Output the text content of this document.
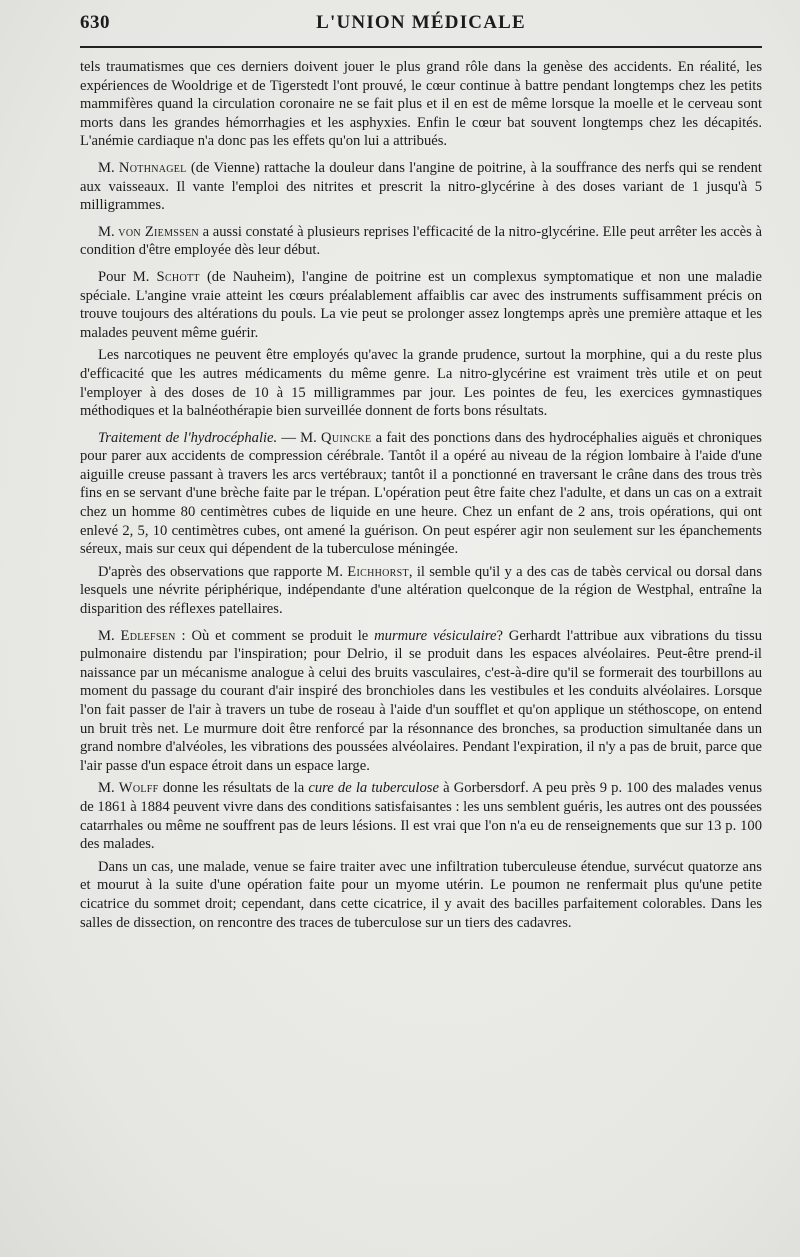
630	L'UNION MÉDICALE

tels traumatismes que ces derniers doivent jouer le plus grand rôle dans la genèse des accidents. En réalité, les expériences de Wooldrige et de Tigerstedt l'ont prouvé, le cœur continue à battre pendant longtemps chez les petits mammifères quand la circulation coronaire ne se fait plus et il en est de même lorsque la moelle et le cerveau sont morts dans les grandes hémorrhagies et les asphyxies. Enfin le cœur bat souvent longtemps chez les décapités. L'anémie cardiaque n'a donc pas les effets qu'on lui a attribués.

M. Nothnagel (de Vienne) rattache la douleur dans l'angine de poitrine, à la souffrance des nerfs qui se rendent aux vaisseaux. Il vante l'emploi des nitrites et prescrit la nitro-glycérine à des doses variant de 1 jusqu'à 5 milligrammes.

M. von Ziemssen a aussi constaté à plusieurs reprises l'efficacité de la nitro-glycérine. Elle peut arrêter les accès à condition d'être employée dès leur début.

Pour M. Schott (de Nauheim), l'angine de poitrine est un complexus symptomatique et non une maladie spéciale. L'angine vraie atteint les cœurs préalablement affaiblis car avec des instruments suffisamment précis on trouve toujours des altérations du pouls. La vie peut se prolonger assez longtemps après une première attaque et les malades peuvent même guérir.

Les narcotiques ne peuvent être employés qu'avec la grande prudence, surtout la morphine, qui a du reste plus d'efficacité que les autres médicaments du même genre. La nitro-glycérine est vraiment très utile et on peut l'employer à des doses de 10 à 15 milligrammes par jour. Les pointes de feu, les exercices gymnastiques méthodiques et la balnéothérapie bien surveillée donnent de forts bons résultats.

Traitement de l'hydrocéphalie. — M. Quincke a fait des ponctions dans des hydrocéphalies aiguës et chroniques pour parer aux accidents de compression cérébrale. Tantôt il a opéré au niveau de la région lombaire à l'aide d'une aiguille creuse passant à travers les arcs vertébraux; tantôt il a ponctionné en traversant le crâne dans des trous très fins en se servant d'une brèche faite par le trépan. L'opération peut être faite chez l'adulte, et dans un cas on a extrait chez un homme 80 centimètres cubes de liquide en une heure. Chez un enfant de 2 ans, trois opérations, qui ont enlevé 2, 5, 10 centimètres cubes, ont amené la guérison. On peut espérer agir non seulement sur les épanchements séreux, mais sur ceux qui dépendent de la tuberculose méningée.

D'après des observations que rapporte M. Eichhorst, il semble qu'il y a des cas de tabès cervical ou dorsal dans lesquels une névrite périphérique, indépendante d'une altération quelconque de la région de Westphal, entraîne la disparition des réflexes patellaires.

M. Edlefsen : Où et comment se produit le murmure vésiculaire? Gerhardt l'attribue aux vibrations du tissu pulmonaire distendu par l'inspiration; pour Delrio, il se produit dans les espaces alvéolaires. Peut-être prend-il naissance par un mécanisme analogue à celui des bruits vasculaires, c'est-à-dire qu'il se formerait des tourbillons au moment du passage du courant d'air inspiré des bronchioles dans les vestibules et les conduits alvéolaires. Lorsque l'on fait passer de l'air à travers un tube de roseau à l'aide d'un soufflet et qu'on applique un stéthoscope, on entend un bruit très net. Le murmure doit être renforcé par la résonnance des bronches, sa production simultanée dans un grand nombre d'alvéoles, les vibrations des poussées alvéolaires. Pendant l'expiration, il n'y a pas de bruit, parce que l'air passe d'un espace étroit dans un espace large.

M. Wolff donne les résultats de la cure de la tuberculose à Gorbersdorf. A peu près 9 p. 100 des malades venus de 1861 à 1884 peuvent vivre dans des conditions satisfaisantes : les uns semblent guéris, les autres ont des poussées catarrhales ou même ne souffrent pas de leurs lésions. Il est vrai que l'on n'a eu de renseignements que sur 13 p. 100 des malades.

Dans un cas, une malade, venue se faire traiter avec une infiltration tuberculeuse étendue, survécut quatorze ans et mourut à la suite d'une opération faite pour un myome utérin. Le poumon ne renfermait plus qu'une petite cicatrice du sommet droit; cependant, dans cette cicatrice, il y avait des bacilles parfaitement colorables. Dans les salles de dissection, on rencontre des traces de tuberculose sur un tiers des cadavres.
